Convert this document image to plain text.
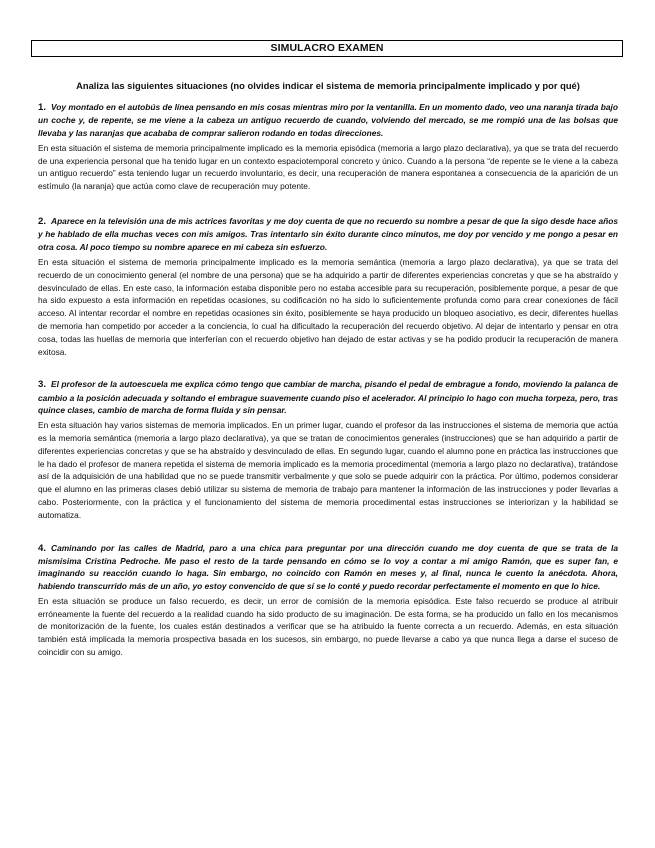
SIMULACRO EXAMEN
Analiza las siguientes situaciones (no olvides indicar el sistema de memoria principalmente implicado y por qué)

1. Voy montado en el autobús de línea pensando en mis cosas mientras miro por la ventanilla. En un momento dado, veo una naranja tirada bajo un coche y, de repente, se me viene a la cabeza un antiguo recuerdo de cuando, volviendo del mercado, se me rompió una de las bolsas que llevaba y las naranjas que acababa de comprar salieron rodando en todas direcciones.

En esta situación el sistema de memoria principalmente implicado es la memoria episódica (memoria a largo plazo declarativa), ya que se trata del recuerdo de una experiencia personal que ha tenido lugar en un contexto espaciotemporal concreto y único. Cuando a la persona “de repente se le viene a la cabeza un antiguo recuerdo” esta teniendo lugar un recuerdo involuntario, es decir, una recuperación de manera espontanea a consecuencia de la aparición de un estímulo (la naranja) que actúa como clave de recuperación muy potente.

2. Aparece en la televisión una de mis actrices favoritas y me doy cuenta de que no recuerdo su nombre a pesar de que la sigo desde hace años y he hablado de ella muchas veces con mis amigos. Tras intentarlo sin éxito durante cinco minutos, me doy por vencido y me pongo a pesar en otra cosa. Al poco tiempo su nombre aparece en mi cabeza sin esfuerzo.

En esta situación el sistema de memoria principalmente implicado es la memoria semántica (memoria a largo plazo declarativa), ya que se trata del recuerdo de un conocimiento general (el nombre de una persona) que se ha adquirido a partir de diferentes experiencias concretas y que se ha abstraído y desvinculado de ellas. En este caso, la información estaba disponible pero no estaba accesible para su recuperación, posiblemente porque, a pesar de que ha sido expuesto a esta información en repetidas ocasiones, su codificación no ha sido lo suficientemente profunda como para crear conexiones de fácil acceso. Al intentar recordar el nombre en repetidas ocasiones sin éxito, posiblemente se haya producido un bloqueo asociativo, es decir, diferentes huellas de memoria han competido por acceder a la conciencia, lo cual ha dificultado la recuperación del recuerdo objetivo. Al dejar de intentarlo y pensar en otra cosa, todas las huellas de memoria que interferían con el recuerdo objetivo han dejado de estar activas y se ha podido producir la recuperación de manera exitosa.

3. El profesor de la autoescuela me explica cómo tengo que cambiar de marcha, pisando el pedal de embrague a fondo, moviendo la palanca de cambio a la posición adecuada y soltando el embrague suavemente cuando piso el acelerador. Al principio lo hago con mucha torpeza, pero, tras quince clases, cambio de marcha de forma fluida y sin pensar.

En esta situación hay varios sistemas de memoria implicados. En un primer lugar, cuando el profesor da las instrucciones el sistema de memoria que actúa es la memoria semántica (memoria a largo plazo declarativa), ya que se tratan de conocimientos generales (instrucciones) que se han adquirido a partir de diferentes experiencias concretas y que se ha abstraído y desvinculado de ellas. En segundo lugar, cuando el alumno pone en práctica las instrucciones que le ha dado el profesor de manera repetida el sistema de memoria implicado es la memoria procedimental (memoria a largo plazo no declarativa), tratándose así de la adquisición de una habilidad que no se puede transmitir verbalmente y que solo se puede adquirir con la práctica. Por último, podemos considerar que el alumno en las primeras clases debió utilizar su sistema de memoria de trabajo para mantener la información de las instrucciones y poder llevarlas a cabo. Posteriormente, con la práctica y el funcionamiento del sistema de memoria procedimental estas instrucciones se interiorizan y la habilidad se automatiza.

4. Caminando por las calles de Madrid, paro a una chica para preguntar por una dirección cuando me doy cuenta de que se trata de la mismísima Cristina Pedroche. Me paso el resto de la tarde pensando en cómo se lo voy a contar a mi amigo Ramón, que es super fan, e imaginando su reacción cuando lo haga. Sin embargo, no coincido con Ramón en meses y, al final, nunca le cuento la anécdota. Ahora, habiendo transcurrido más de un año, yo estoy convencido de que sí se lo conté y puedo recordar perfectamente el momento en que lo hice.

En esta situación se produce un falso recuerdo, es decir, un error de comisión de la memoria episódica. Este falso recuerdo se produce al atribuir erróneamente la fuente del recuerdo a la realidad cuando ha sido producto de su imaginación. De esta forma, se ha producido un fallo en los mecanismos de monitorización de la fuente, los cuales están destinados a verificar que se ha atribuido la fuente correcta a un recuerdo. Además, en esta situación también está implicada la memoria prospectiva basada en los sucesos, sin embargo, no puede llevarse a cabo ya que nunca llega a darse el suceso de coincidir con su amigo.
